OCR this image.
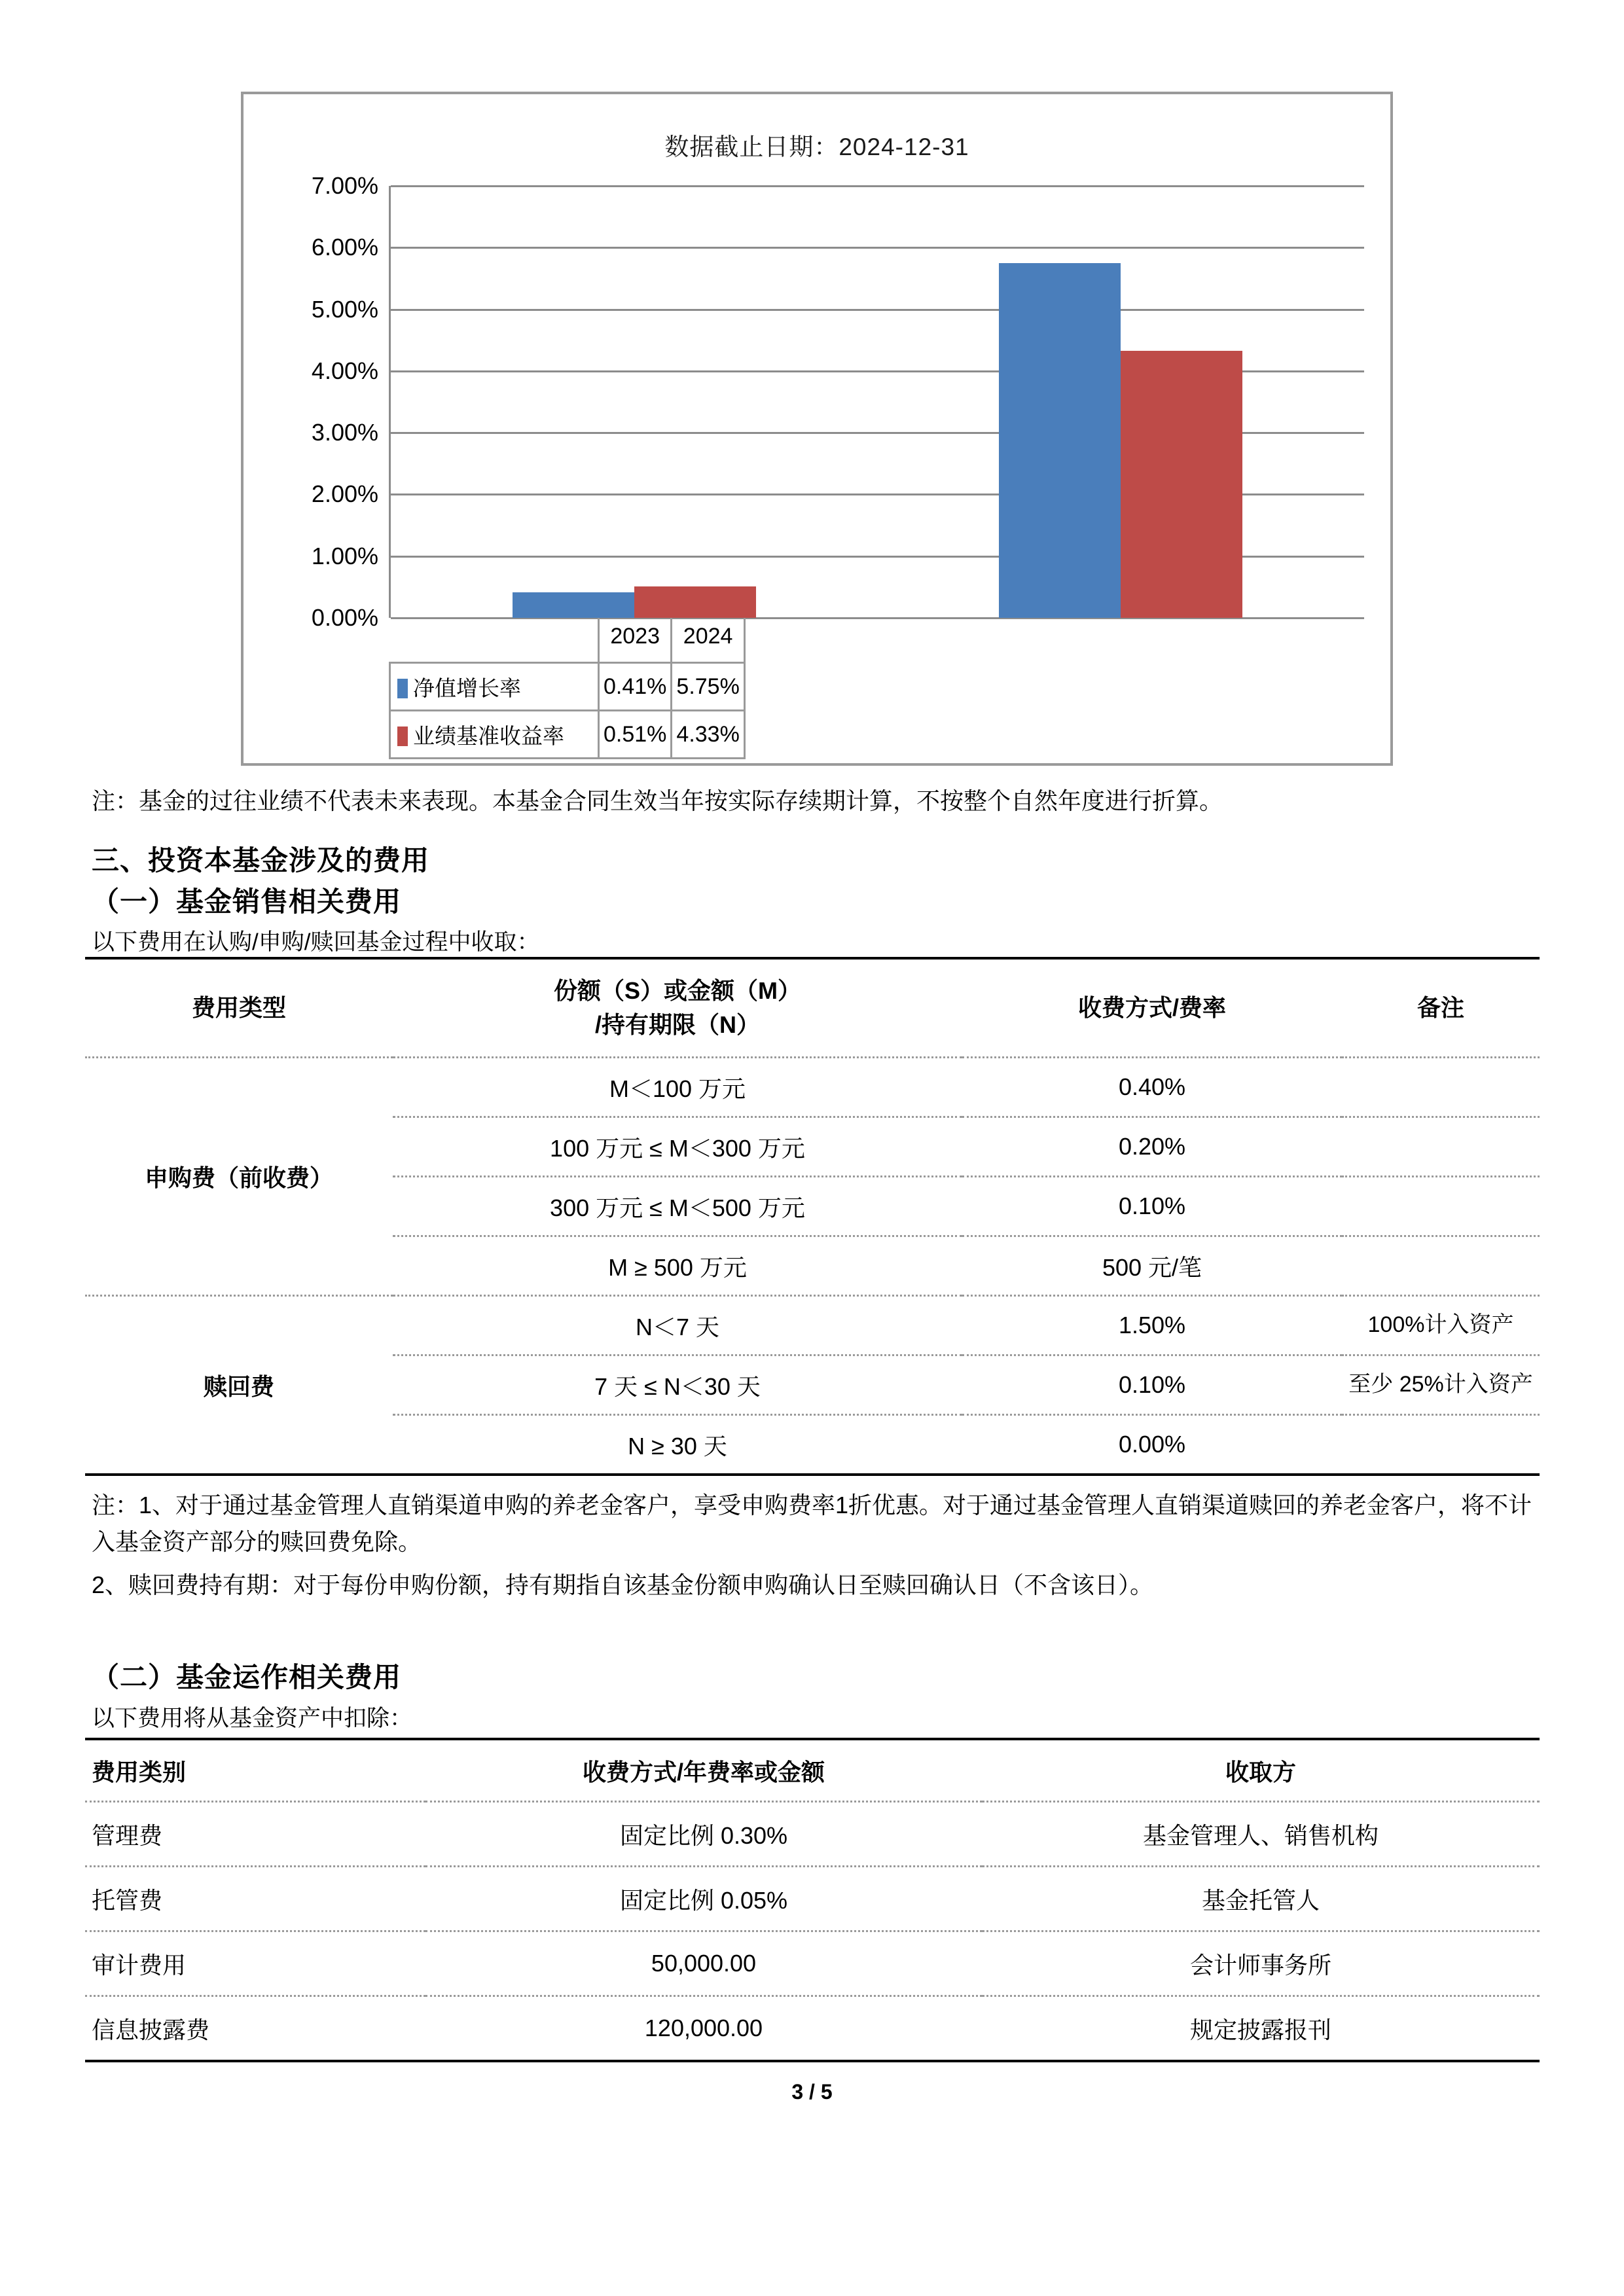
数据截止日期：2024-12-31
0.00%
1.00%
2.00%
3.00%
4.00%
5.00%
6.00%
7.00%
	2023	2024
净值增长率	0.41%	5.75%
业绩基准收益率	0.51%	4.33%
注：基金的过往业绩不代表未来表现。本基金合同生效当年按实际存续期计算，不按整个自然年度进行折算。
三、投资本基金涉及的费用
（一）基金销售相关费用
以下费用在认购/申购/赎回基金过程中收取：
费用类型	份额（S）或金额（M）
/持有期限（N）	收费方式/费率	备注
申购费（前收费）	M＜100 万元	0.40%	
	100 万元 ≤ M＜300 万元	0.20%	
	300 万元 ≤ M＜500 万元	0.10%	
	M ≥ 500 万元	500 元/笔	
赎回费	N＜7 天	1.50%	100%计入资产
	7 天 ≤ N＜30 天	0.10%	至少 25%计入资产
	N ≥ 30 天	0.00%	
注：1、对于通过基金管理人直销渠道申购的养老金客户，享受申购费率1折优惠。对于通过基金管理人直销渠道赎回的养老金客户，将不计入基金资产部分的赎回费免除。
2、赎回费持有期：对于每份申购份额，持有期指自该基金份额申购确认日至赎回确认日（不含该日）。
（二）基金运作相关费用
以下费用将从基金资产中扣除：
费用类别	收费方式/年费率或金额	收取方
管理费	固定比例 0.30%	基金管理人、销售机构
托管费	固定比例 0.05%	基金托管人
审计费用	50,000.00	会计师事务所
信息披露费	120,000.00	规定披露报刊
3 / 5
